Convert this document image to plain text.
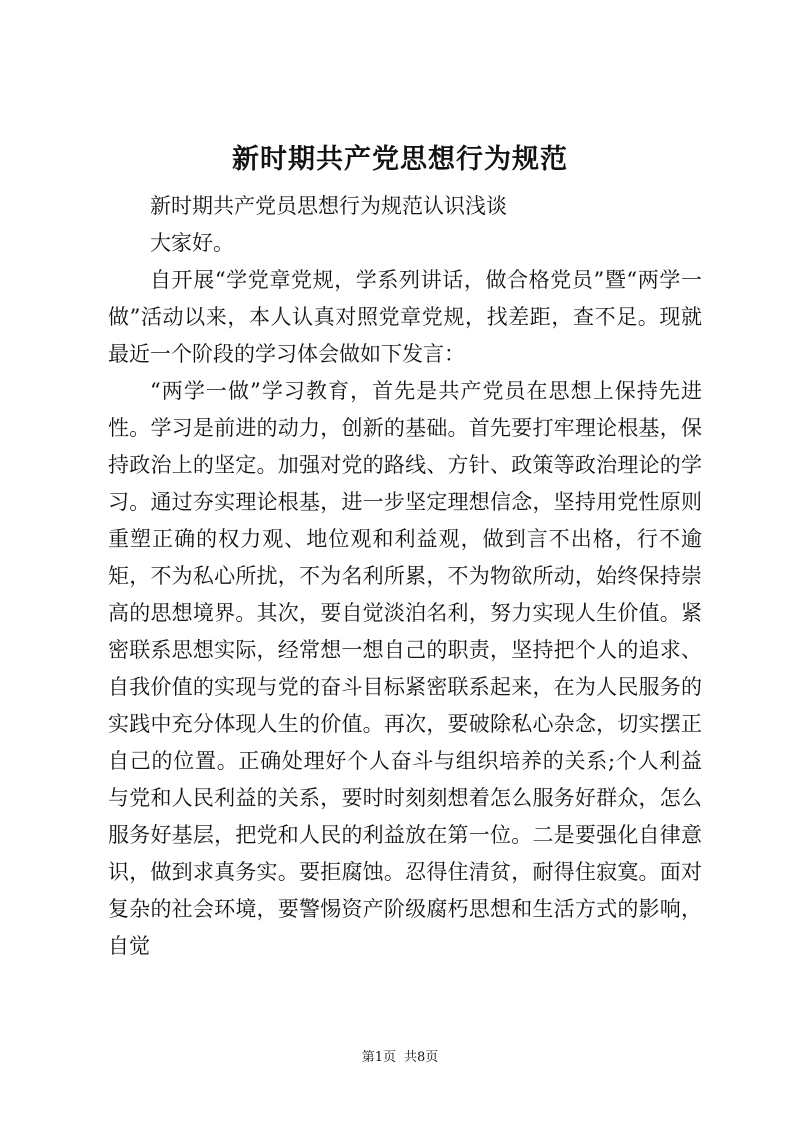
新时期共产党思想行为规范

新时期共产党员思想行为规范认识浅谈

大家好。

自开展“学党章党规，学系列讲话，做合格党员”暨“两学一做”活动以来，本人认真对照党章党规，找差距，查不足。现就最近一个阶段的学习体会做如下发言：

“两学一做”学习教育，首先是共产党员在思想上保持先进性。学习是前进的动力，创新的基础。首先要打牢理论根基，保持政治上的坚定。加强对党的路线、方针、政策等政治理论的学习。通过夯实理论根基，进一步坚定理想信念，坚持用党性原则重塑正确的权力观、地位观和利益观，做到言不出格，行不逾矩，不为私心所扰，不为名利所累，不为物欲所动，始终保持崇高的思想境界。其次，要自觉淡泊名利，努力实现人生价值。紧密联系思想实际，经常想一想自己的职责，坚持把个人的追求、自我价值的实现与党的奋斗目标紧密联系起来，在为人民服务的实践中充分体现人生的价值。再次，要破除私心杂念，切实摆正自己的位置。正确处理好个人奋斗与组织培养的关系;个人利益与党和人民利益的关系，要时时刻刻想着怎么服务好群众，怎么服务好基层，把党和人民的利益放在第一位。二是要强化自律意识，做到求真务实。要拒腐蚀。忍得住清贫，耐得住寂寞。面对复杂的社会环境，要警惕资产阶级腐朽思想和生活方式的影响，自觉

第1页 共8页
